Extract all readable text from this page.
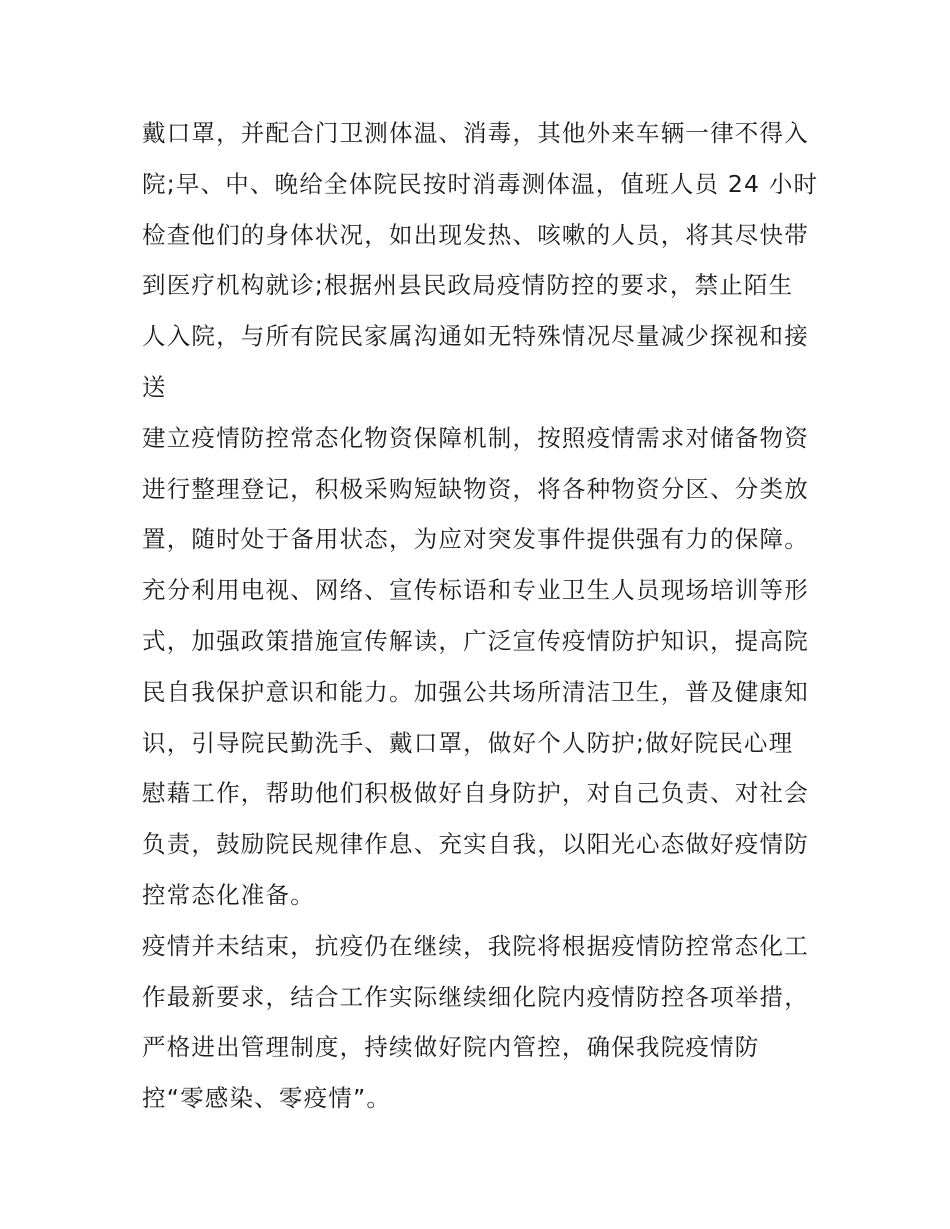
戴口罩，并配合门卫测体温、消毒，其他外来车辆一律不得入
院;早、中、晚给全体院民按时消毒测体温，值班人员 24 小时
检查他们的身体状况，如出现发热、咳嗽的人员，将其尽快带
到医疗机构就诊;根据州县民政局疫情防控的要求，禁止陌生
人入院，与所有院民家属沟通如无特殊情况尽量减少探视和接
送
建立疫情防控常态化物资保障机制，按照疫情需求对储备物资
进行整理登记，积极采购短缺物资，将各种物资分区、分类放
置，随时处于备用状态，为应对突发事件提供强有力的保障。
充分利用电视、网络、宣传标语和专业卫生人员现场培训等形
式，加强政策措施宣传解读，广泛宣传疫情防护知识，提高院
民自我保护意识和能力。加强公共场所清洁卫生，普及健康知
识，引导院民勤洗手、戴口罩，做好个人防护;做好院民心理
慰藉工作，帮助他们积极做好自身防护，对自己负责、对社会
负责，鼓励院民规律作息、充实自我，以阳光心态做好疫情防
控常态化准备。
疫情并未结束，抗疫仍在继续，我院将根据疫情防控常态化工
作最新要求，结合工作实际继续细化院内疫情防控各项举措，
严格进出管理制度，持续做好院内管控，确保我院疫情防
控“零感染、零疫情”。
